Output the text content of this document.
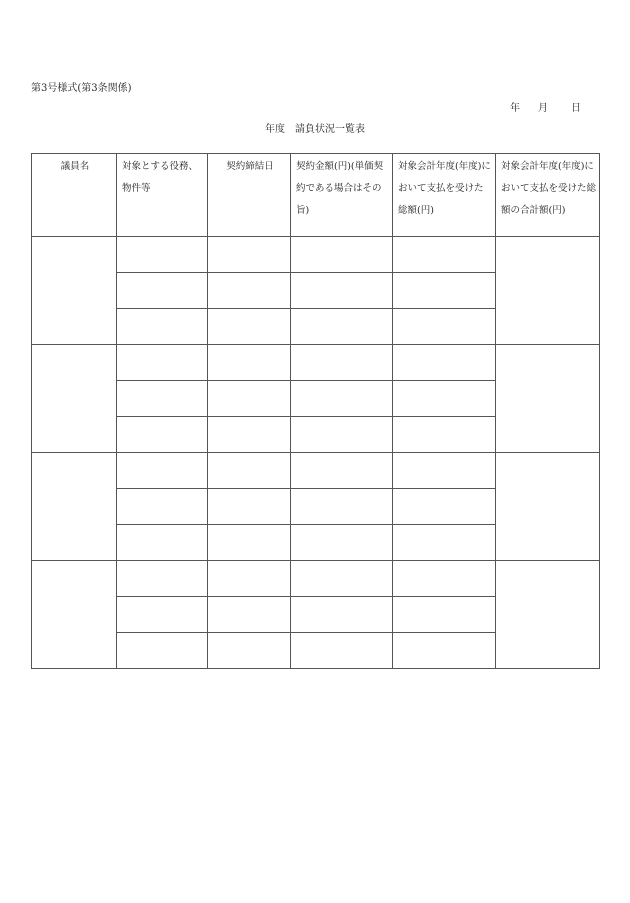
第3号様式(第3条関係)
年 月 日
年度 請負状況一覧表
議員名	対象とする役務、物件等	契約締結日	契約金額(円)(単価契約である場合はその旨)	対象会計年度(年度)において支払を受けた総額(円)	対象会計年度(年度)において支払を受けた総額の合計額(円)
